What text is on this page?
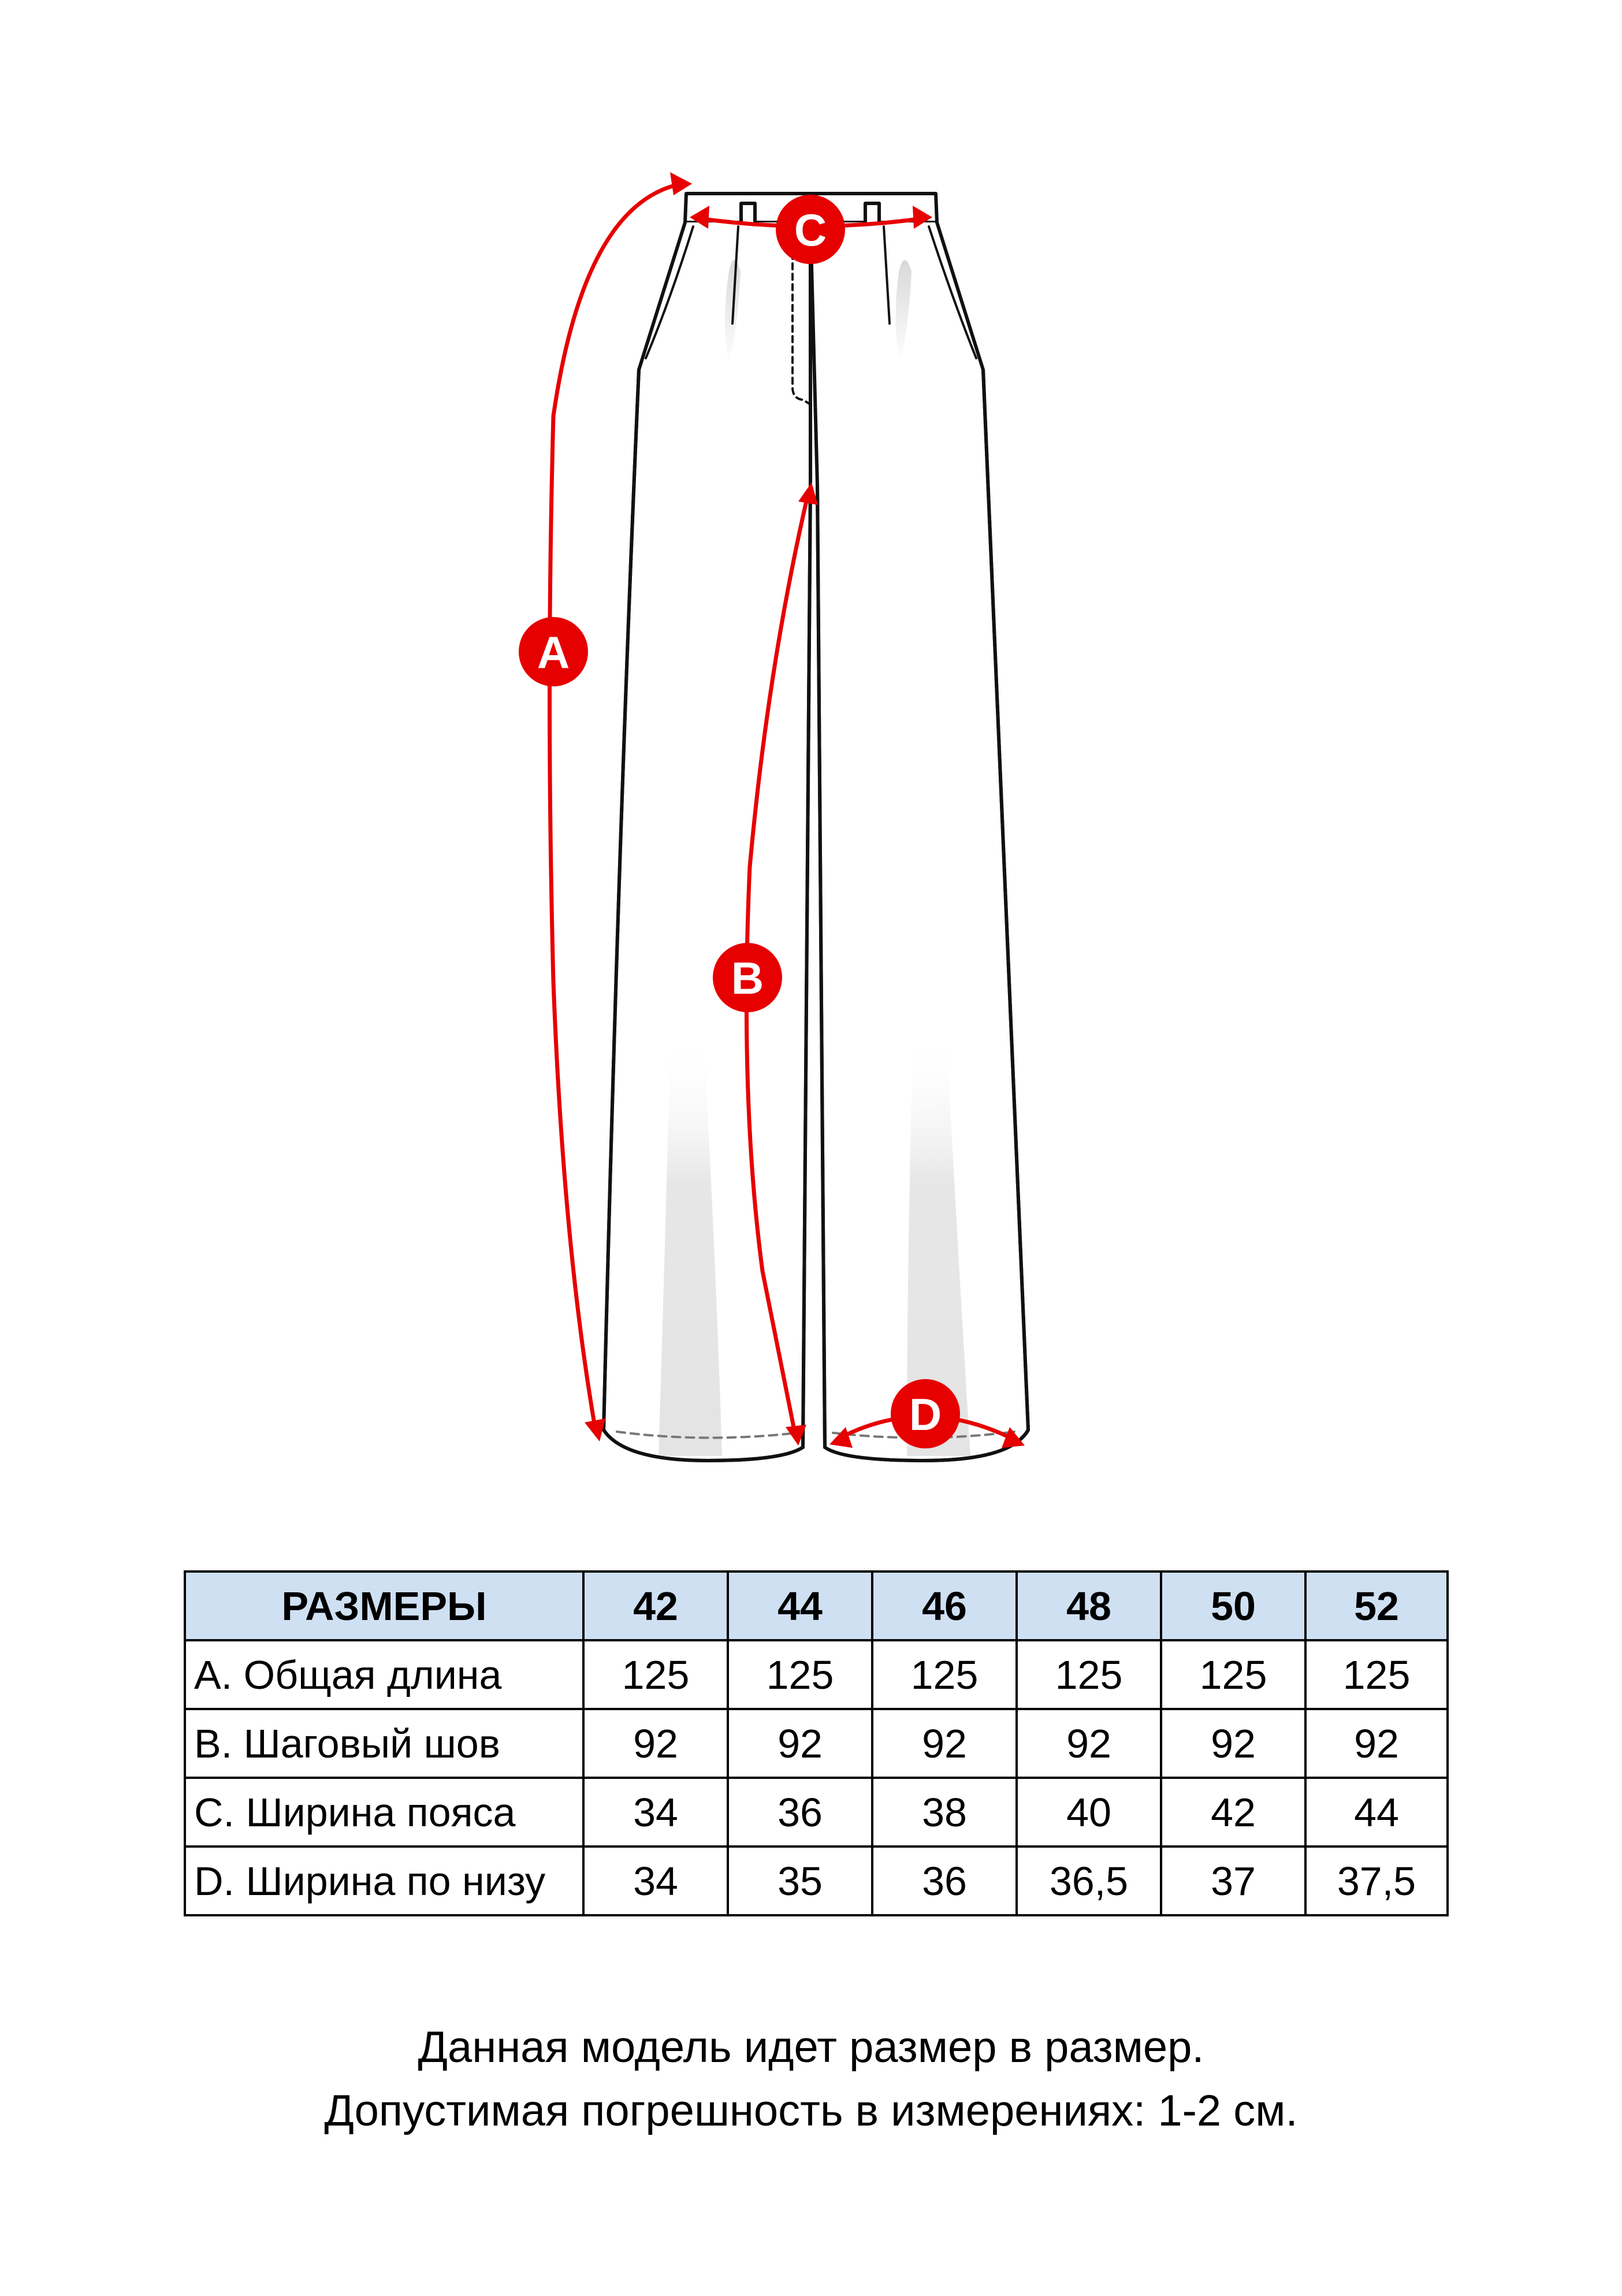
A
B
C
D
РАЗМЕРЫ	42	44	46	48	50	52
A. Общая длина	125	125	125	125	125	125
B. Шаговый шов	92	92	92	92	92	92
C. Ширина пояса	34	36	38	40	42	44
D. Ширина по низу	34	35	36	36,5	37	37,5
Данная модель идет размер в размер.
Допустимая погрешность в измерениях: 1-2 см.
